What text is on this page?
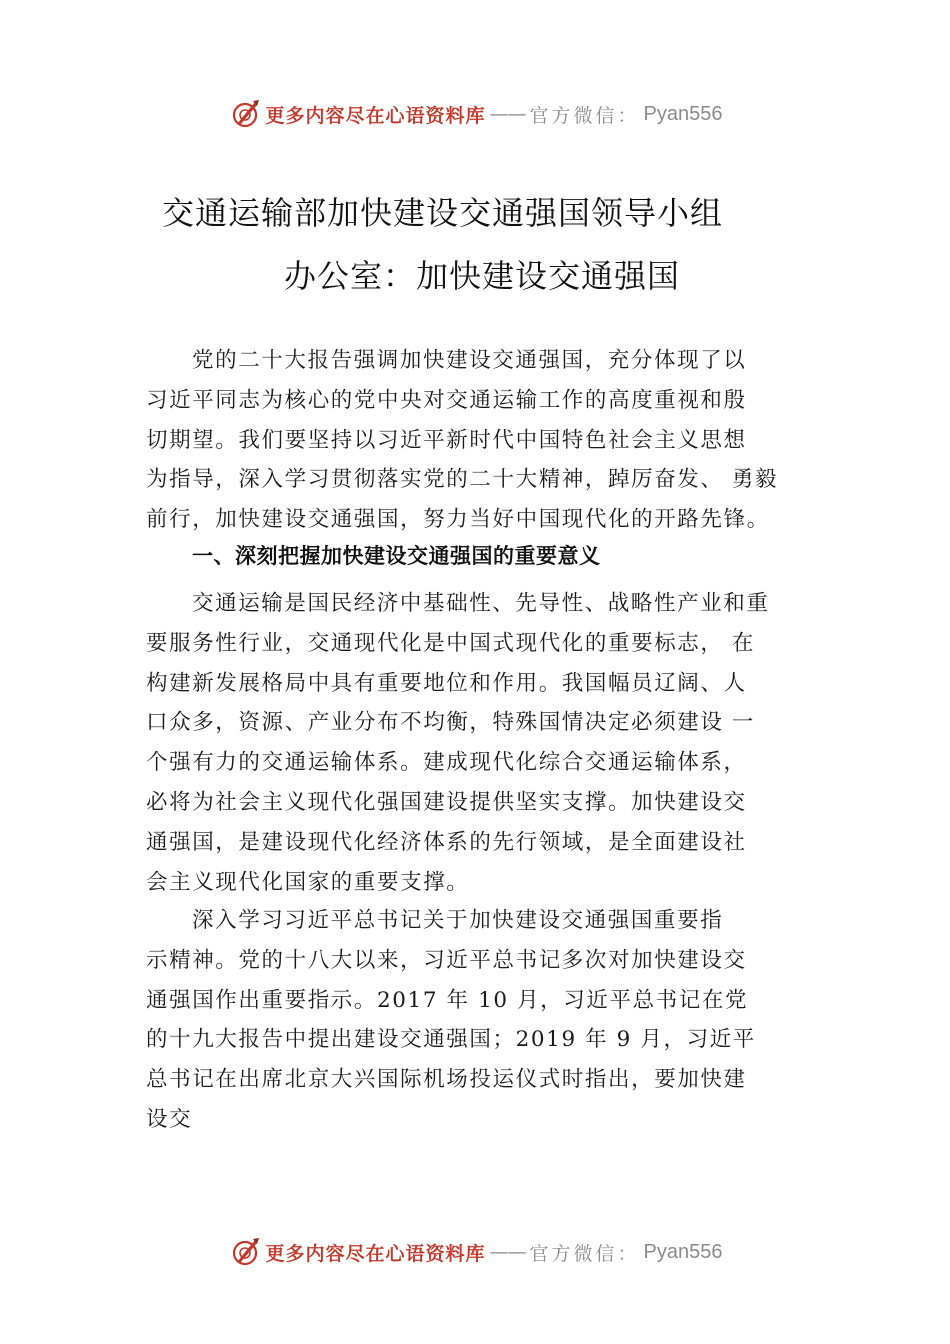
更多内容尽在心语资料库 —— 官方微信： Pyan556
交通运输部加快建设交通强国领导小组
办公室：加快建设交通强国
党的二十大报告强调加快建设交通强国，充分体现了以
习近平同志为核心的党中央对交通运输工作的高度重视和殷
切期望。我们要坚持以习近平新时代中国特色社会主义思想
为指导，深入学习贯彻落实党的二十大精神，踔厉奋发、 勇毅
前行，加快建设交通强国，努力当好中国现代化的开路先锋。
一、深刻把握加快建设交通强国的重要意义
交通运输是国民经济中基础性、先导性、战略性产业和重
要服务性行业，交通现代化是中国式现代化的重要标志， 在
构建新发展格局中具有重要地位和作用。我国幅员辽阔、人
口众多，资源、产业分布不均衡，特殊国情决定必须建设 一
个强有力的交通运输体系。建成现代化综合交通运输体系，
必将为社会主义现代化强国建设提供坚实支撑。加快建设交
通强国，是建设现代化经济体系的先行领域，是全面建设社
会主义现代化国家的重要支撑。
深入学习习近平总书记关于加快建设交通强国重要指
示精神。党的十八大以来，习近平总书记多次对加快建设交
通强国作出重要指示。2017 年 10 月，习近平总书记在党
的十九大报告中提出建设交通强国；2019 年 9 月，习近平
总书记在出席北京大兴国际机场投运仪式时指出，要加快建
设交
更多内容尽在心语资料库 —— 官方微信： Pyan556
